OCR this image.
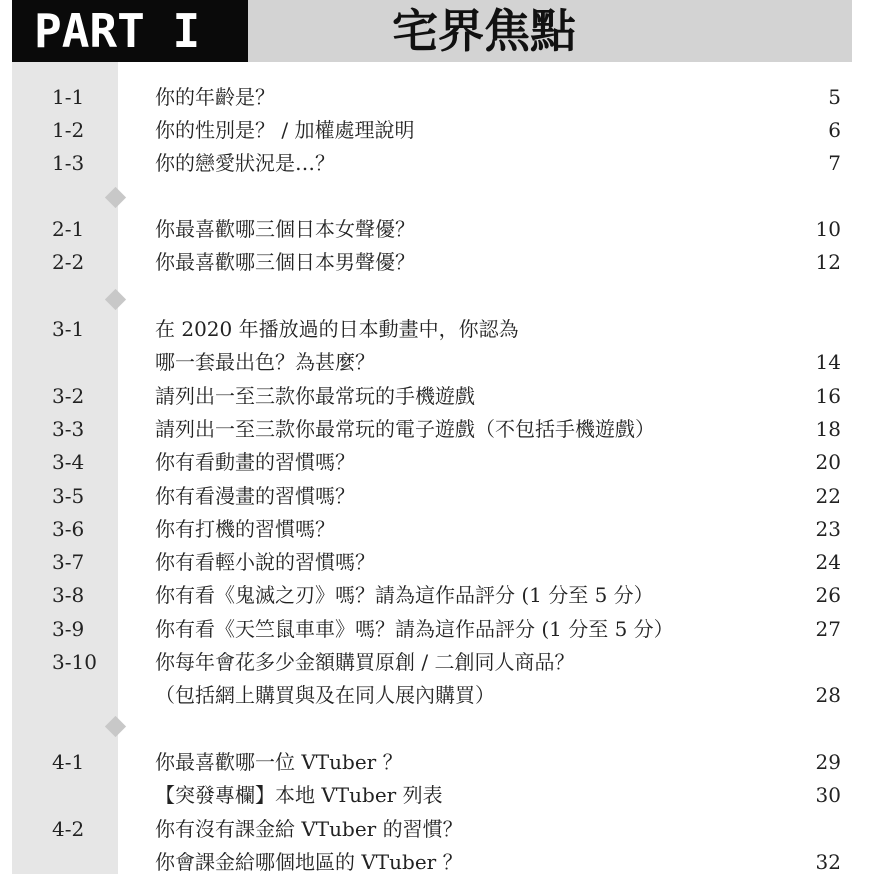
PART I	宅界焦點
1-1	你的年齡是？	5
1-2	你的性別是？ / 加權處理說明	6
1-3	你的戀愛狀況是…？	7
2-1	你最喜歡哪三個日本女聲優？	10
2-2	你最喜歡哪三個日本男聲優？	12
3-1	在 2020 年播放過的日本動畫中，你認為
哪一套最出色？為甚麼？	14
3-2	請列出一至三款你最常玩的手機遊戲	16
3-3	請列出一至三款你最常玩的電子遊戲（不包括手機遊戲）	18
3-4	你有看動畫的習慣嗎？	20
3-5	你有看漫畫的習慣嗎？	22
3-6	你有打機的習慣嗎？	23
3-7	你有看輕小說的習慣嗎？	24
3-8	你有看《鬼滅之刃》嗎？請為這作品評分 (1 分至 5 分）	26
3-9	你有看《天竺鼠車車》嗎？請為這作品評分 (1 分至 5 分）	27
3-10	你每年會花多少金額購買原創 / 二創同人商品？
（包括網上購買與及在同人展內購買）	28
4-1	你最喜歡哪一位 VTuber ？	29
【突發專欄】本地 VTuber 列表	30
4-2	你有沒有課金給 VTuber 的習慣？
你會課金給哪個地區的 VTuber ？	32
